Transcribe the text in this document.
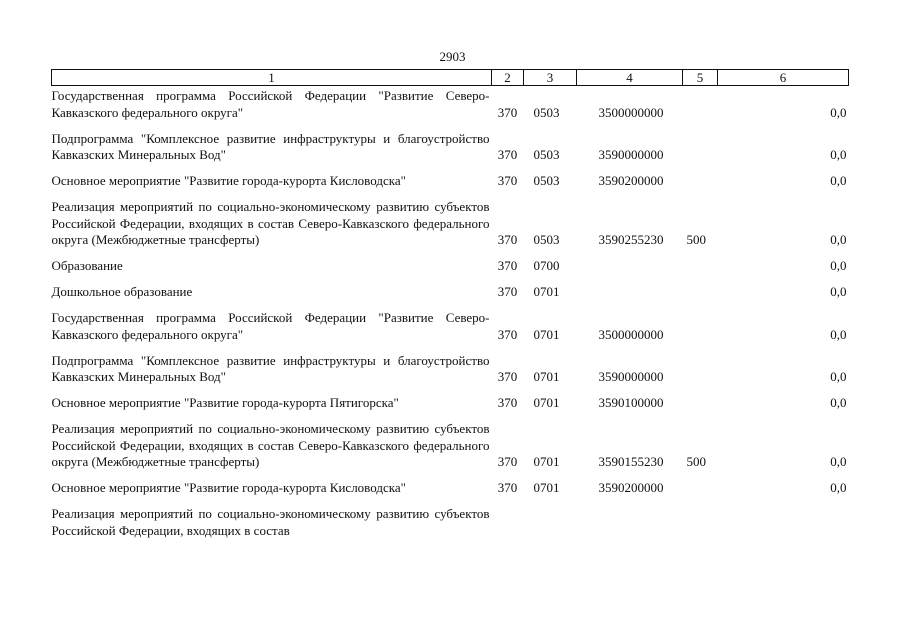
2903
1	2	3	4	5	6
Государственная программа Российской Федерации "Развитие Северо-Кавказского федерального округа"	370	0503	3500000000		0,0
Подпрограмма "Комплексное развитие инфраструктуры и благоустройство Кавказских Минеральных Вод"	370	0503	3590000000		0,0
Основное мероприятие "Развитие города-курорта Кисловодска"	370	0503	3590200000		0,0
Реализация мероприятий по социально-экономическому развитию субъектов Российской Федерации, входящих в состав Северо-Кавказского федерального округа (Межбюджетные трансферты)	370	0503	3590255230	500	0,0
Образование	370	0700			0,0
Дошкольное образование	370	0701			0,0
Государственная программа Российской Федерации "Развитие Северо-Кавказского федерального округа"	370	0701	3500000000		0,0
Подпрограмма "Комплексное развитие инфраструктуры и благоустройство Кавказских Минеральных Вод"	370	0701	3590000000		0,0
Основное мероприятие "Развитие города-курорта Пятигорска"	370	0701	3590100000		0,0
Реализация мероприятий по социально-экономическому развитию субъектов Российской Федерации, входящих в состав Северо-Кавказского федерального округа (Межбюджетные трансферты)	370	0701	3590155230	500	0,0
Основное мероприятие "Развитие города-курорта Кисловодска"	370	0701	3590200000		0,0
Реализация мероприятий по социально-экономическому развитию субъектов Российской Федерации, входящих в состав					
